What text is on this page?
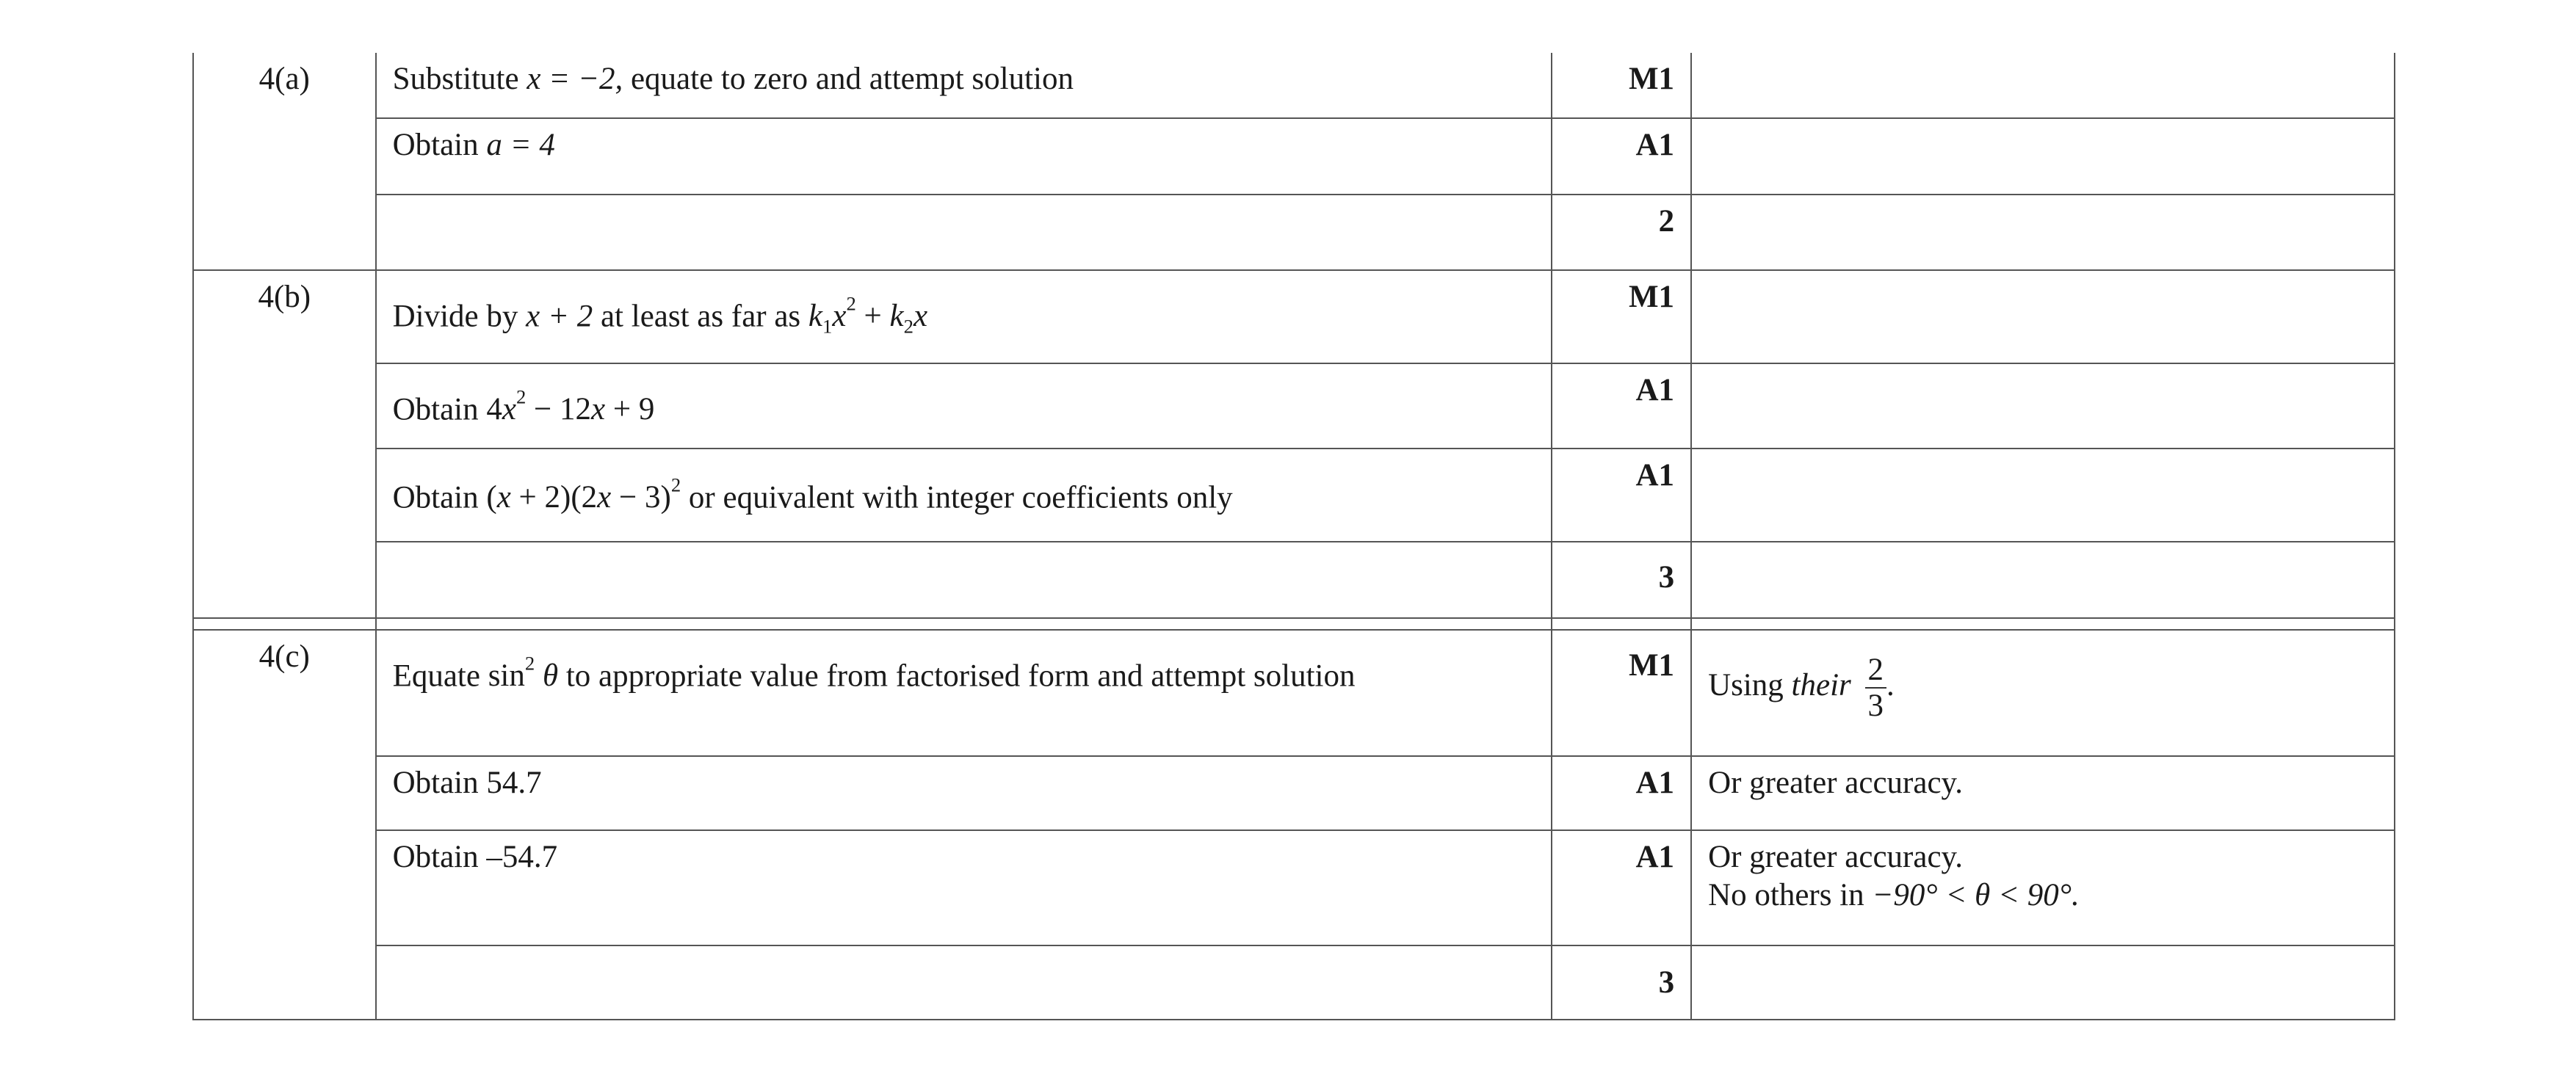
4(a)	Substitute x = −2, equate to zero and attempt solution	M1	
	Obtain a = 4	A1	
		2	
4(b)	Divide by x + 2 at least as far as $k_1x^2 + k_2x$	M1	
	Obtain $4x^2 - 12x + 9$	A1	
	Obtain $(x + 2)(2x - 3)^2$ or equivalent with integer coefficients only	A1	
		3	

4(c)	Equate $\sin^2 \theta$ to appropriate value from factorised form and attempt solution	M1	Using their $\frac{2}{3}$ .
	Obtain 54.7	A1	Or greater accuracy.
	Obtain –54.7	A1	Or greater accuracy.
No others in −90° < θ < 90°.

		3	
